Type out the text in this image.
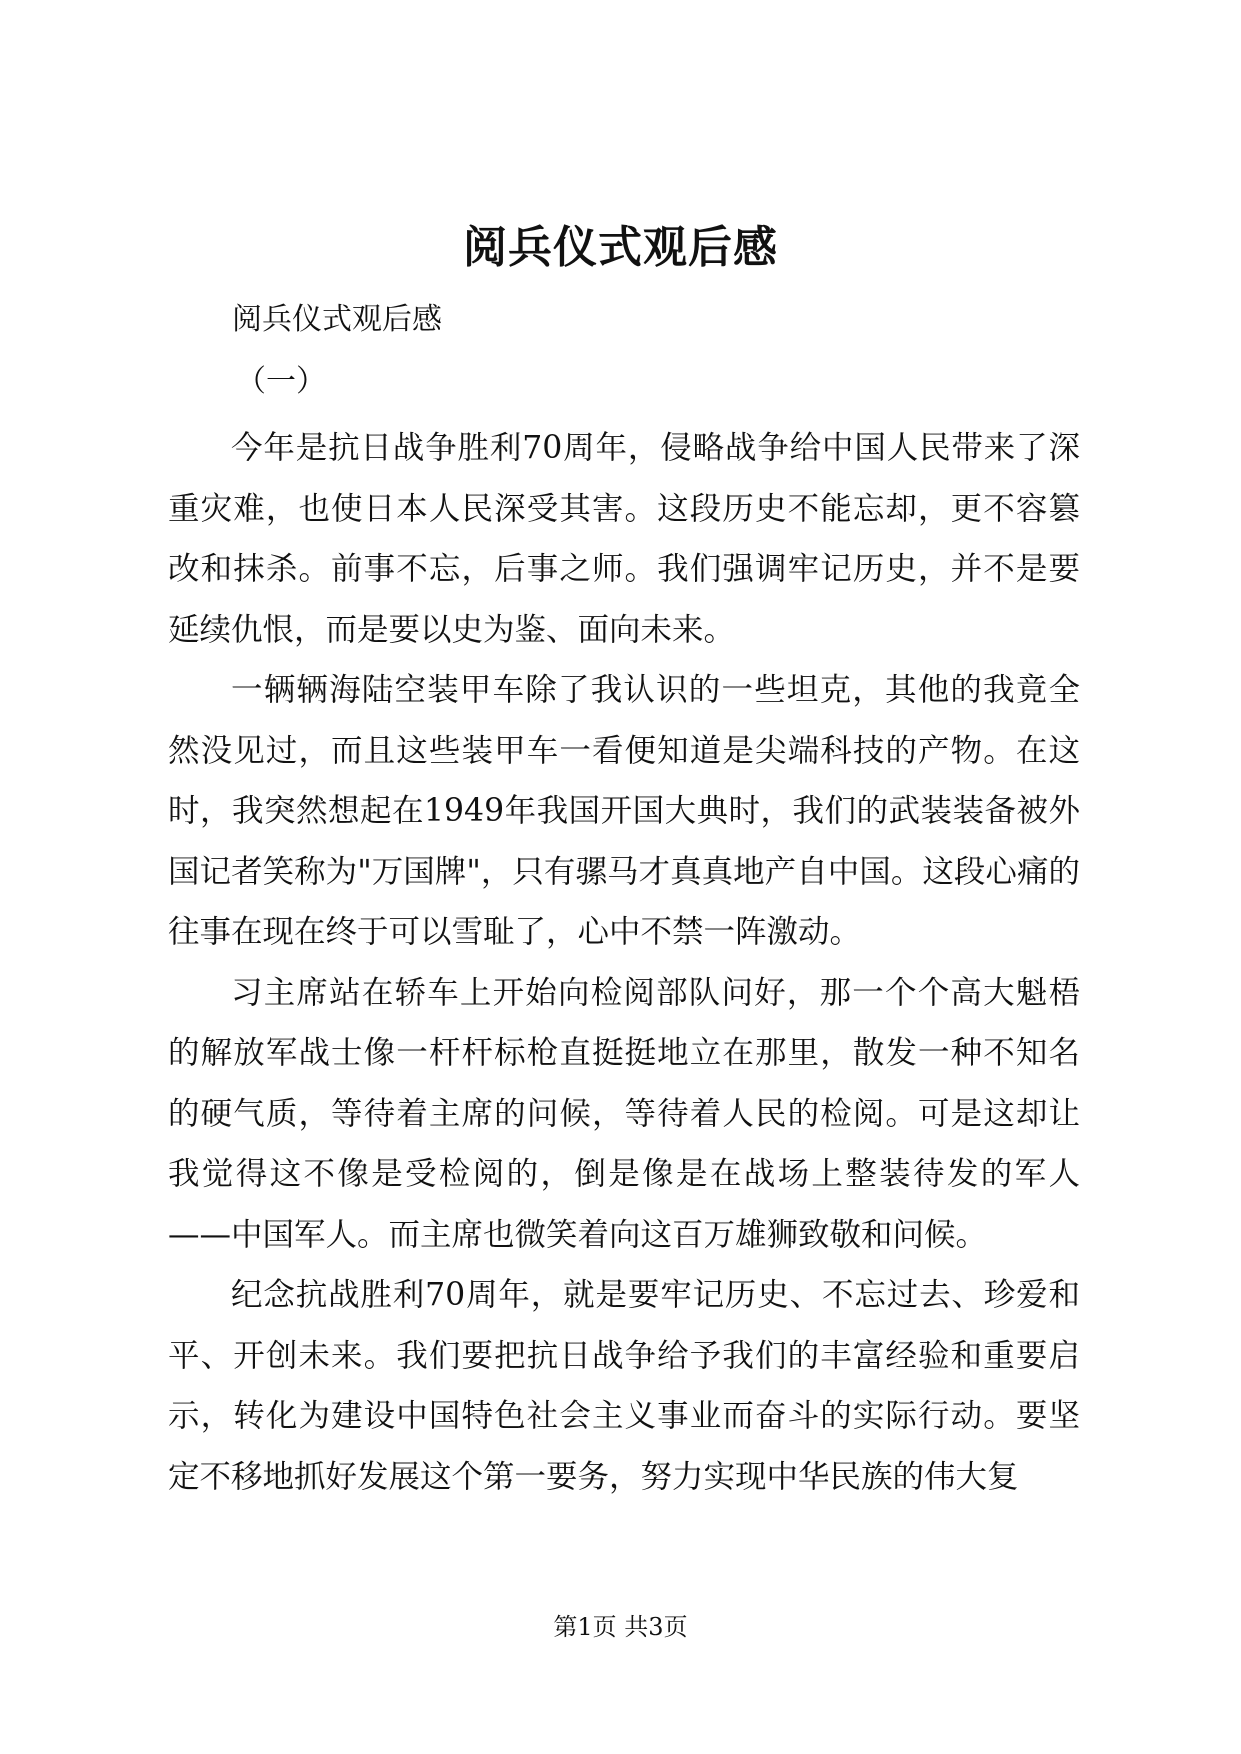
阅兵仪式观后感

阅兵仪式观后感

（一）

今年是抗日战争胜利70周年，侵略战争给中国人民带来了深重灾难，也使日本人民深受其害。这段历史不能忘却，更不容篡改和抹杀。前事不忘，后事之师。我们强调牢记历史，并不是要延续仇恨，而是要以史为鉴、面向未来。

一辆辆海陆空装甲车除了我认识的一些坦克，其他的我竟全然没见过，而且这些装甲车一看便知道是尖端科技的产物。在这时，我突然想起在1949年我国开国大典时，我们的武装装备被外国记者笑称为"万国牌"，只有骡马才真真地产自中国。这段心痛的往事在现在终于可以雪耻了，心中不禁一阵激动。

习主席站在轿车上开始向检阅部队问好，那一个个高大魁梧的解放军战士像一杆杆标枪直挺挺地立在那里，散发一种不知名的硬气质，等待着主席的问候，等待着人民的检阅。可是这却让我觉得这不像是受检阅的，倒是像是在战场上整装待发的军人——中国军人。而主席也微笑着向这百万雄狮致敬和问候。

纪念抗战胜利70周年，就是要牢记历史、不忘过去、珍爱和平、开创未来。我们要把抗日战争给予我们的丰富经验和重要启示，转化为建设中国特色社会主义事业而奋斗的实际行动。要坚定不移地抓好发展这个第一要务，努力实现中华民族的伟大复

第1页 共3页
